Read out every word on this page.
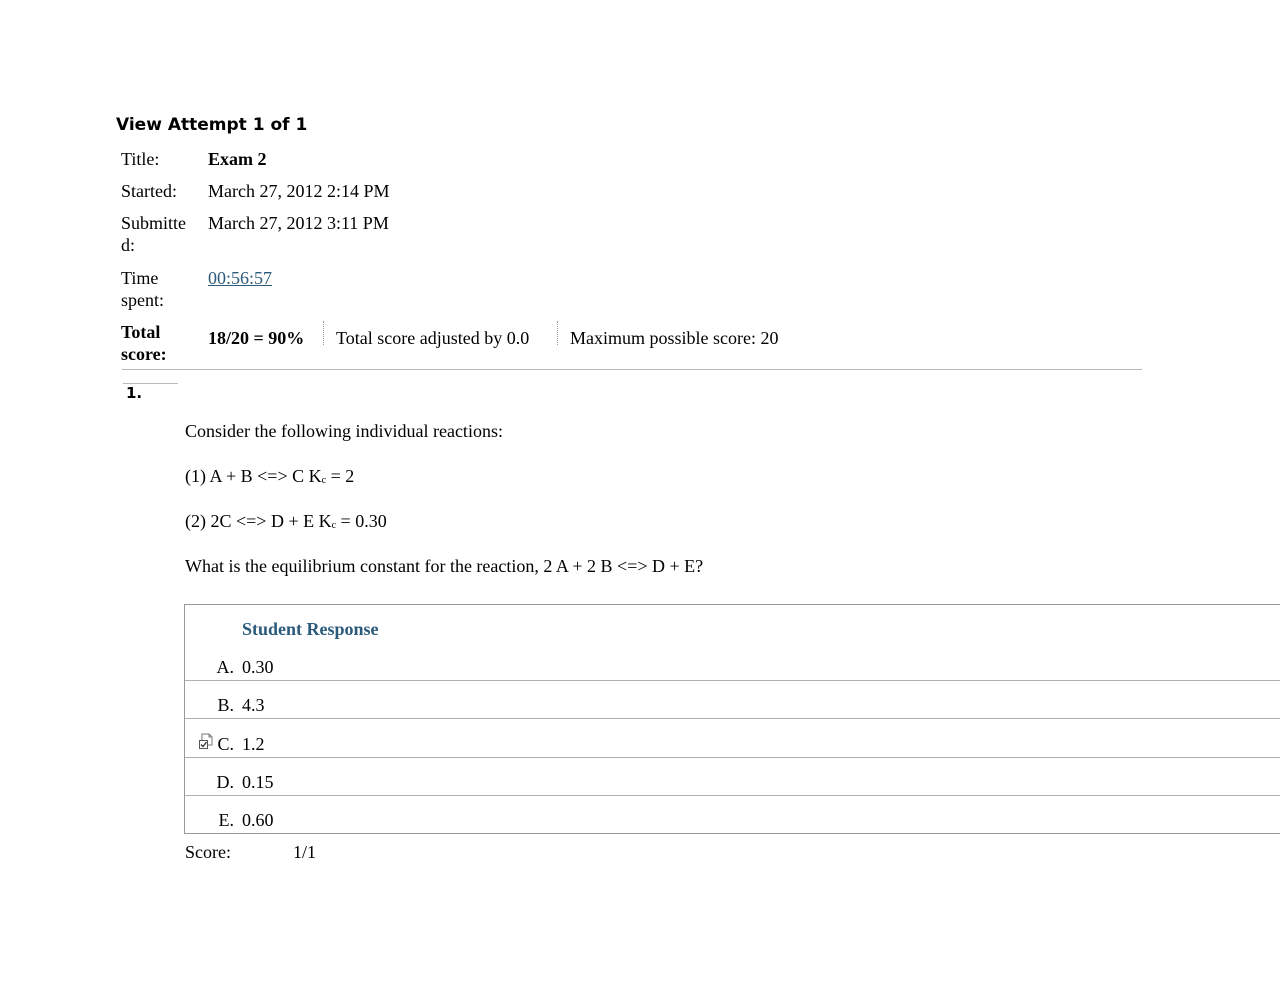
View Attempt 1 of 1
Title:	Exam 2
Started:	March 27, 2012 2:14 PM
Submitted:
March 27, 2012 3:11 PM
Time spent:
00:56:57
Total score:
18/20 = 90% Total score adjusted by 0.0 Maximum possible score: 20
1.
Consider the following individual reactions:
(1) A + B <=> C $K_c = 2$
(2) 2C <=> D + E $K_c = 0.30$
What is the equilibrium constant for the reaction, 2 A + 2 B <=> D + E?
Student Response
A. 0.30
B. 4.3
C. 1.2
D. 0.15
E. 0.60
Score:	1/1
